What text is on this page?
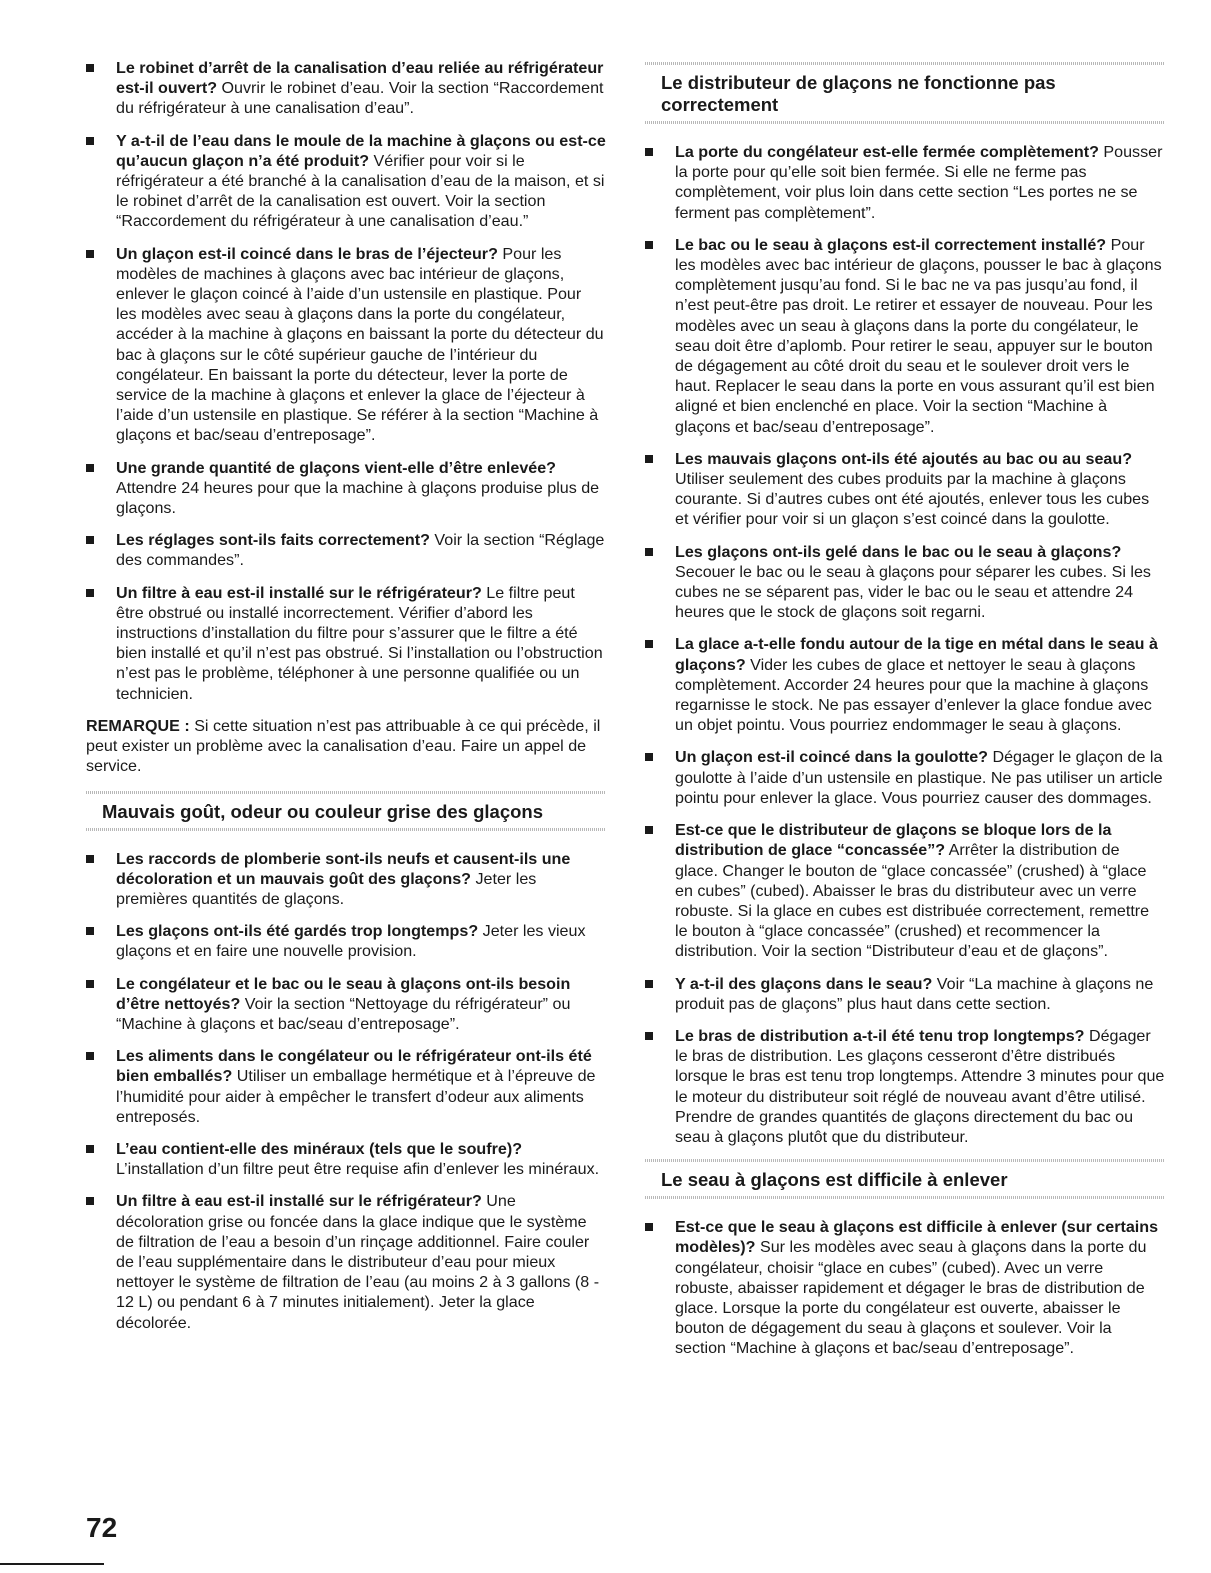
Le robinet d’arrêt de la canalisation d’eau reliée au réfrigérateur est-il ouvert? Ouvrir le robinet d’eau. Voir la section “Raccordement du réfrigérateur à une canalisation d’eau”.
Y a-t-il de l’eau dans le moule de la machine à glaçons ou est-ce qu’aucun glaçon n’a été produit? Vérifier pour voir si le réfrigérateur a été branché à la canalisation d’eau de la maison, et si le robinet d’arrêt de la canalisation est ouvert. Voir la section “Raccordement du réfrigérateur à une canalisation d’eau.”
Un glaçon est-il coincé dans le bras de l’éjecteur? Pour les modèles de machines à glaçons avec bac intérieur de glaçons, enlever le glaçon coincé à l’aide d’un ustensile en plastique. Pour les modèles avec seau à glaçons dans la porte du congélateur, accéder à la machine à glaçons en baissant la porte du détecteur du bac à glaçons sur le côté supérieur gauche de l’intérieur du congélateur. En baissant la porte du détecteur, lever la porte de service de la machine à glaçons et enlever la glace de l’éjecteur à l’aide d’un ustensile en plastique. Se référer à la section “Machine à glaçons et bac/seau d’entreposage”.
Une grande quantité de glaçons vient-elle d’être enlevée? Attendre 24 heures pour que la machine à glaçons produise plus de glaçons.
Les réglages sont-ils faits correctement? Voir la section “Réglage des commandes”.
Un filtre à eau est-il installé sur le réfrigérateur? Le filtre peut être obstrué ou installé incorrectement. Vérifier d’abord les instructions d’installation du filtre pour s’assurer que le filtre a été bien installé et qu’il n’est pas obstrué. Si l’installation ou l’obstruction n’est pas le problème, téléphoner à une personne qualifiée ou un technicien.

REMARQUE : Si cette situation n’est pas attribuable à ce qui précède, il peut exister un problème avec la canalisation d’eau. Faire un appel de service.

Mauvais goût, odeur ou couleur grise des glaçons
Les raccords de plomberie sont-ils neufs et causent-ils une décoloration et un mauvais goût des glaçons? Jeter les premières quantités de glaçons.
Les glaçons ont-ils été gardés trop longtemps? Jeter les vieux glaçons et en faire une nouvelle provision.
Le congélateur et le bac ou le seau à glaçons ont-ils besoin d’être nettoyés? Voir la section “Nettoyage du réfrigérateur” ou “Machine à glaçons et bac/seau d’entreposage”.
Les aliments dans le congélateur ou le réfrigérateur ont-ils été bien emballés? Utiliser un emballage hermétique et à l’épreuve de l’humidité pour aider à empêcher le transfert d’odeur aux aliments entreposés.
L’eau contient-elle des minéraux (tels que le soufre)? L’installation d’un filtre peut être requise afin d’enlever les minéraux.
Un filtre à eau est-il installé sur le réfrigérateur? Une décoloration grise ou foncée dans la glace indique que le système de filtration de l’eau a besoin d’un rinçage additionnel. Faire couler de l’eau supplémentaire dans le distributeur d’eau pour mieux nettoyer le système de filtration de l’eau (au moins 2 à 3 gallons (8 - 12 L) ou pendant 6 à 7 minutes initialement). Jeter la glace décolorée.
Le distributeur de glaçons ne fonctionne pas correctement
La porte du congélateur est-elle fermée complètement? Pousser la porte pour qu’elle soit bien fermée. Si elle ne ferme pas complètement, voir plus loin dans cette section “Les portes ne se ferment pas complètement”.
Le bac ou le seau à glaçons est-il correctement installé? Pour les modèles avec bac intérieur de glaçons, pousser le bac à glaçons complètement jusqu’au fond. Si le bac ne va pas jusqu’au fond, il n’est peut-être pas droit. Le retirer et essayer de nouveau. Pour les modèles avec un seau à glaçons dans la porte du congélateur, le seau doit être d’aplomb. Pour retirer le seau, appuyer sur le bouton de dégagement au côté droit du seau et le soulever droit vers le haut. Replacer le seau dans la porte en vous assurant qu’il est bien aligné et bien enclenché en place. Voir la section “Machine à glaçons et bac/seau d’entreposage”.
Les mauvais glaçons ont-ils été ajoutés au bac ou au seau? Utiliser seulement des cubes produits par la machine à glaçons courante. Si d’autres cubes ont été ajoutés, enlever tous les cubes et vérifier pour voir si un glaçon s’est coincé dans la goulotte.
Les glaçons ont-ils gelé dans le bac ou le seau à glaçons? Secouer le bac ou le seau à glaçons pour séparer les cubes. Si les cubes ne se séparent pas, vider le bac ou le seau et attendre 24 heures que le stock de glaçons soit regarni.
La glace a-t-elle fondu autour de la tige en métal dans le seau à glaçons? Vider les cubes de glace et nettoyer le seau à glaçons complètement. Accorder 24 heures pour que la machine à glaçons regarnisse le stock. Ne pas essayer d’enlever la glace fondue avec un objet pointu. Vous pourriez endommager le seau à glaçons.
Un glaçon est-il coincé dans la goulotte? Dégager le glaçon de la goulotte à l’aide d’un ustensile en plastique. Ne pas utiliser un article pointu pour enlever la glace. Vous pourriez causer des dommages.
Est-ce que le distributeur de glaçons se bloque lors de la distribution de glace “concassée”? Arrêter la distribution de glace. Changer le bouton de “glace concassée” (crushed) à “glace en cubes” (cubed). Abaisser le bras du distributeur avec un verre robuste. Si la glace en cubes est distribuée correctement, remettre le bouton à “glace concassée” (crushed) et recommencer la distribution. Voir la section “Distributeur d’eau et de glaçons”.
Y a-t-il des glaçons dans le seau? Voir “La machine à glaçons ne produit pas de glaçons” plus haut dans cette section.
Le bras de distribution a-t-il été tenu trop longtemps? Dégager le bras de distribution. Les glaçons cesseront d’être distribués lorsque le bras est tenu trop longtemps. Attendre 3 minutes pour que le moteur du distributeur soit réglé de nouveau avant d’être utilisé. Prendre de grandes quantités de glaçons directement du bac ou seau à glaçons plutôt que du distributeur.
Le seau à glaçons est difficile à enlever
Est-ce que le seau à glaçons est difficile à enlever (sur certains modèles)? Sur les modèles avec seau à glaçons dans la porte du congélateur, choisir “glace en cubes” (cubed). Avec un verre robuste, abaisser rapidement et dégager le bras de distribution de glace. Lorsque la porte du congélateur est ouverte, abaisser le bouton de dégagement du seau à glaçons et soulever. Voir la section “Machine à glaçons et bac/seau d’entreposage”.
72
